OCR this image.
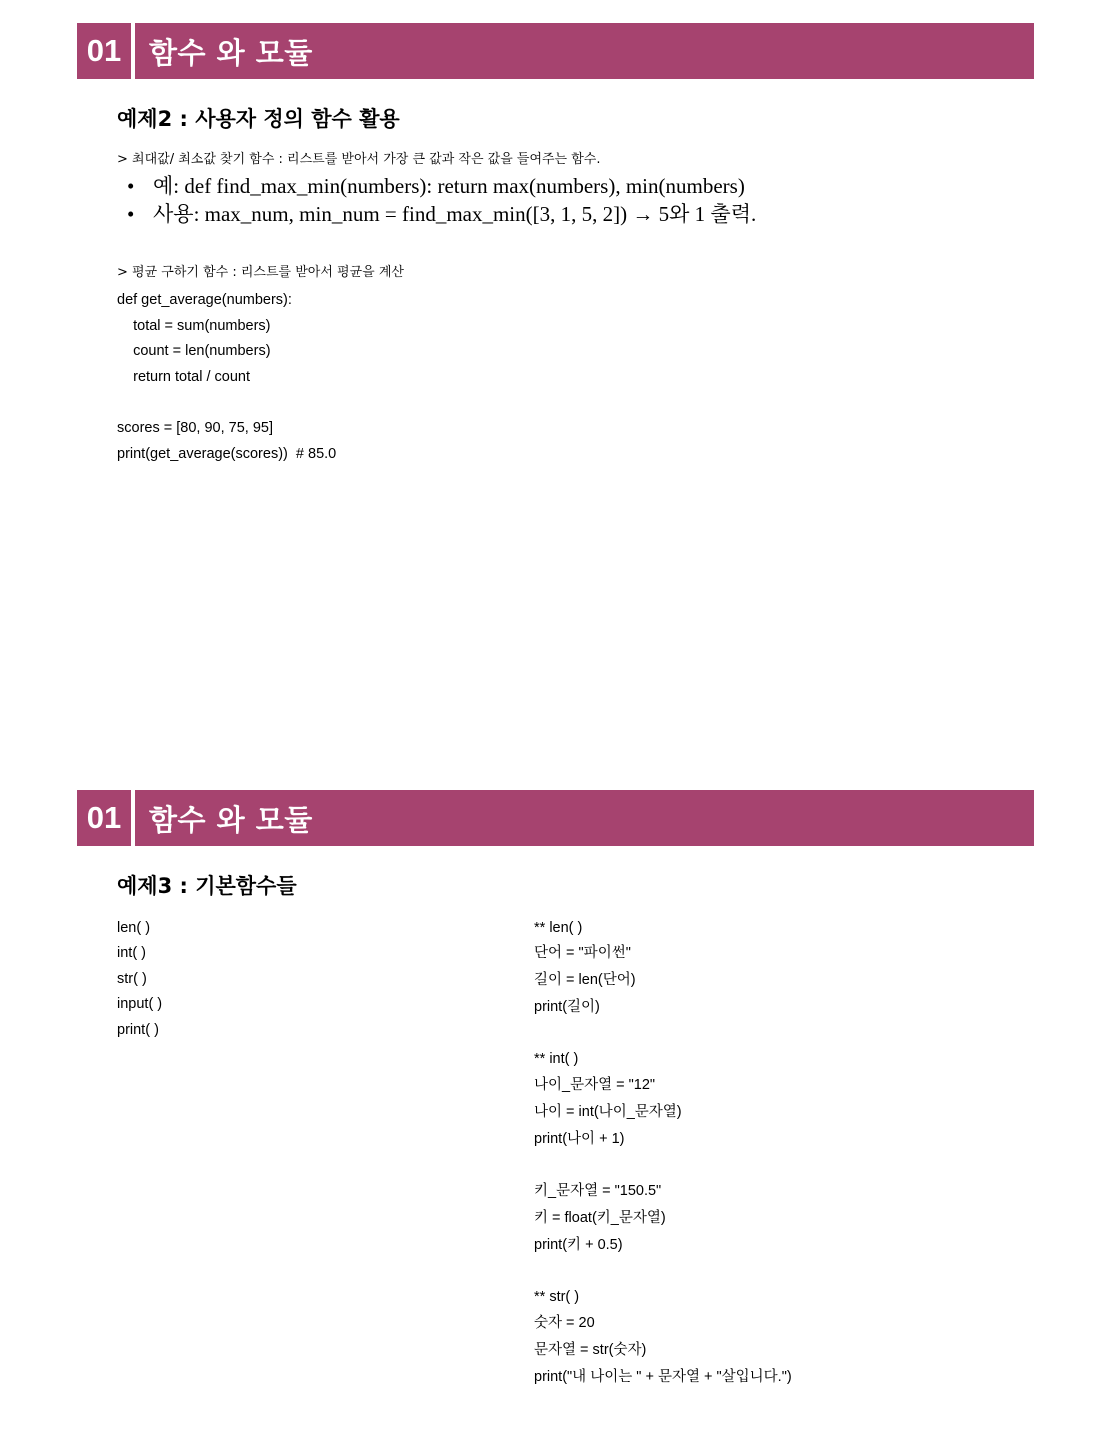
01 함수 와 모듈
예제2 : 사용자 정의 함수 활용
> 최대값/ 최소값 찾기 함수 : 리스트를 받아서 가장 큰 값과 작은 값을 들여주는 함수.
• 예: def find_max_min(numbers): return max(numbers), min(numbers)
• 사용: max_num, min_num = find_max_min([3, 1, 5, 2]) → 5와 1 출력.
> 평균 구하기 함수 : 리스트를 받아서 평균을 계산
def get_average(numbers):
total = sum(numbers)
count = len(numbers)
return total / count
scores = [80, 90, 75, 95]
print(get_average(scores))  # 85.0
01 함수 와 모듈
예제3 : 기본함수들
len( )
int( )
str( )
input( )
print( )
** len( )
단어 = "파이썬"
길이 = len(단어)
print(길이)
** int( )
나이_문자열 = "12"
나이 = int(나이_문자열)
print(나이 + 1)
키_문자열 = "150.5"
키 = float(키_문자열)
print(키 + 0.5)
** str( )
숫자 = 20
문자열 = str(숫자)
print("내 나이는 " + 문자열 + "살입니다.")
